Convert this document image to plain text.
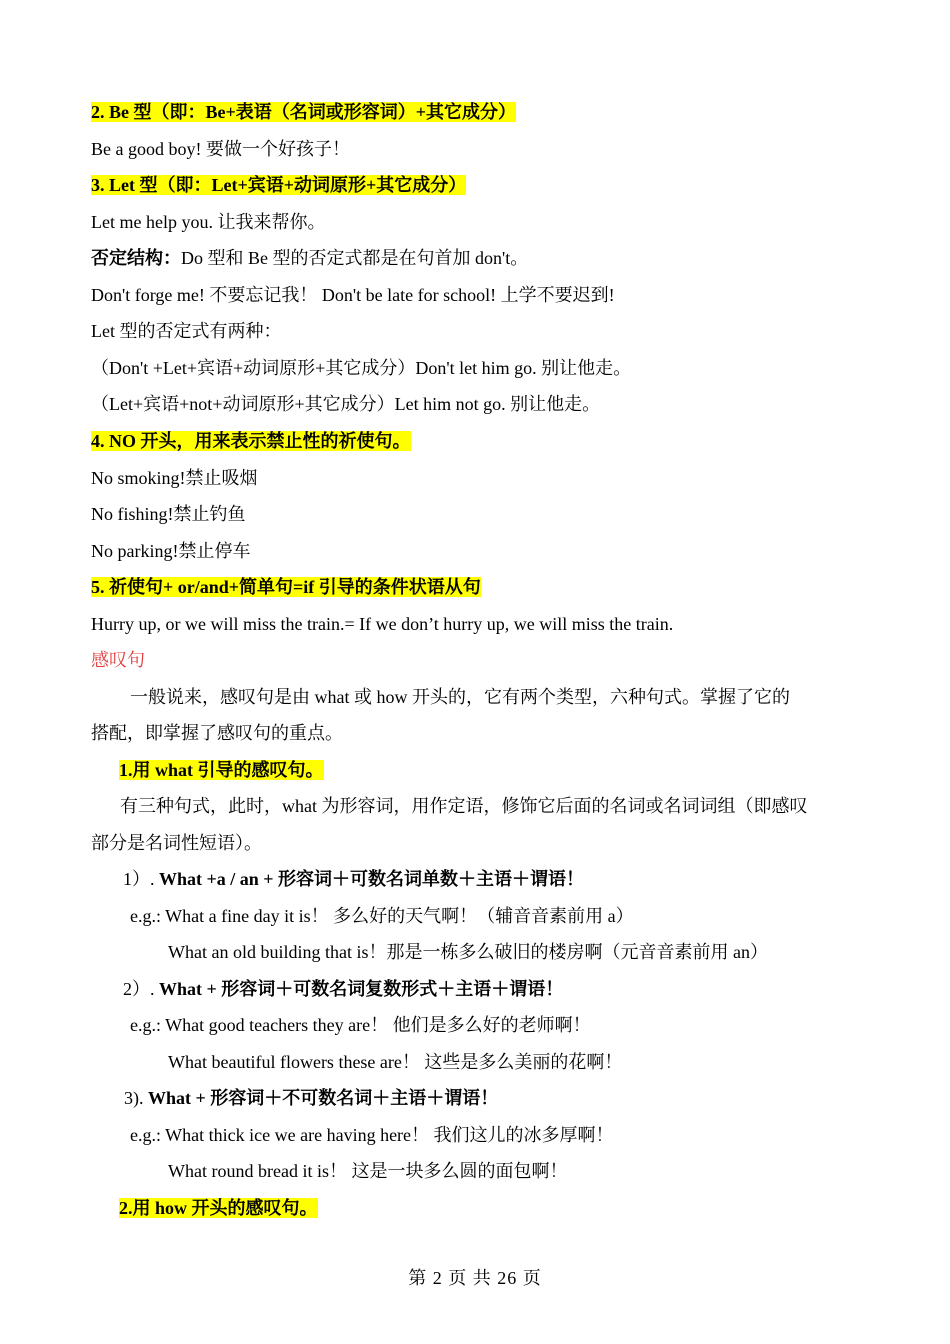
2. Be 型（即：Be+表语（名词或形容词）+其它成分）
Be a good boy! 要做一个好孩子！
3. Let 型（即：Let+宾语+动词原形+其它成分）
Let me help you. 让我来帮你。
否定结构：Do 型和 Be 型的否定式都是在句首加 don't。
Don't forge me! 不要忘记我！ Don't be late for school! 上学不要迟到!
Let 型的否定式有两种：
（Don't +Let+宾语+动词原形+其它成分）Don't let him go. 别让他走。
（Let+宾语+not+动词原形+其它成分）Let him not go. 别让他走。
4. NO 开头，用来表示禁止性的祈使句。
No smoking!禁止吸烟
No fishing!禁止钓鱼
No parking!禁止停车
5. 祈使句+ or/and+简单句=if 引导的条件状语从句
Hurry up, or we will miss the train.= If we don’t hurry up, we will miss the train.
感叹句
一般说来，感叹句是由 what 或 how 开头的，它有两个类型，六种句式。掌握了它的
搭配，即掌握了感叹句的重点。
1.用 what 引导的感叹句。
有三种句式，此时，what 为形容词，用作定语，修饰它后面的名词或名词词组（即感叹
部分是名词性短语）。
1）. What +a / an + 形容词＋可数名词单数＋主语＋谓语！
e.g.: What a fine day it is！ 多么好的天气啊！（辅音音素前用 a）
What an old building that is！那是一栋多么破旧的楼房啊（元音音素前用 an）
2）. What + 形容词＋可数名词复数形式＋主语＋谓语！
e.g.: What good teachers they are！ 他们是多么好的老师啊！
What beautiful flowers these are！ 这些是多么美丽的花啊！
3). What + 形容词＋不可数名词＋主语＋谓语！
e.g.: What thick ice we are having here！ 我们这儿的冰多厚啊！
What round bread it is！ 这是一块多么圆的面包啊！
2.用 how 开头的感叹句。
第 2 页 共 26 页
